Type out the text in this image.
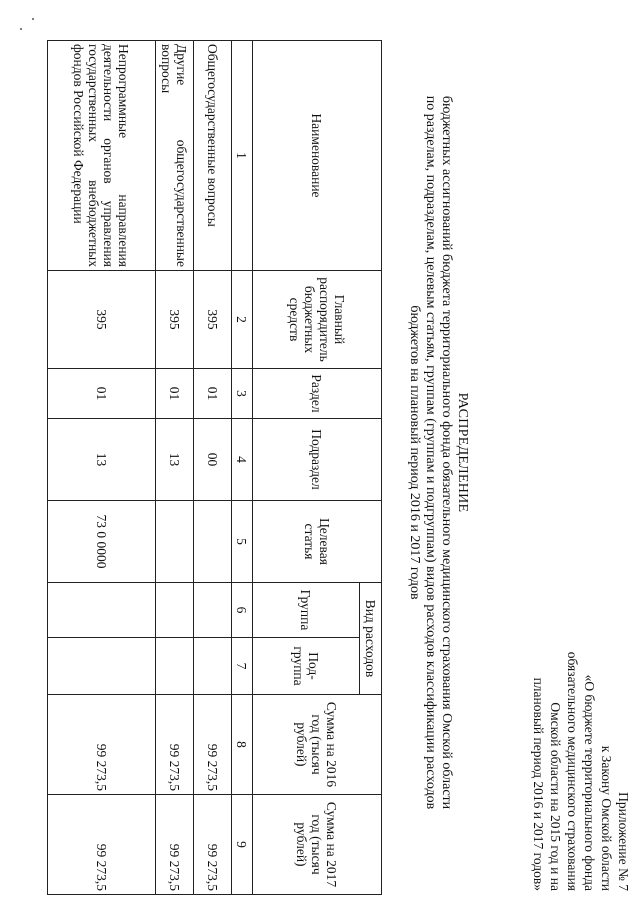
Приложение № 7
к Закону Омской области
«О бюджете территориального фонда
обязательного медицинского страхования
Омской области на 2015 год и на
плановый период 2016 и 2017 годов»
РАСПРЕДЕЛЕНИЕ
бюджетных ассигнований бюджета территориального фонда обязательного медицинского страхования Омской области
по разделам, подразделам, целевым статьям, группам (группам и подгруппам) видов расходов классификации расходов
бюджетов на плановый период 2016 и 2017 годов
Наименование	Главный распорядитель бюджетных средств	Раздел	Подраздел	Целевая статья	Вид расходов		Сумма на 2016 год (тысяч рублей)	Сумма на 2017 год (тысяч рублей)
					Группа	Под-группа		
1	2	3	4	5	6	7	8	9
Общегосударственные вопросы	395	01	00				99 273,5	99 273,5
Другие общегосударственные вопросы	395	01	13				99 273,5	99 273,5
Непрограммные направления деятельности органов управления государственных внебюджетных фондов Российской Федерации	395	01	13	73 0 0000			99 273,5	99 273,5
